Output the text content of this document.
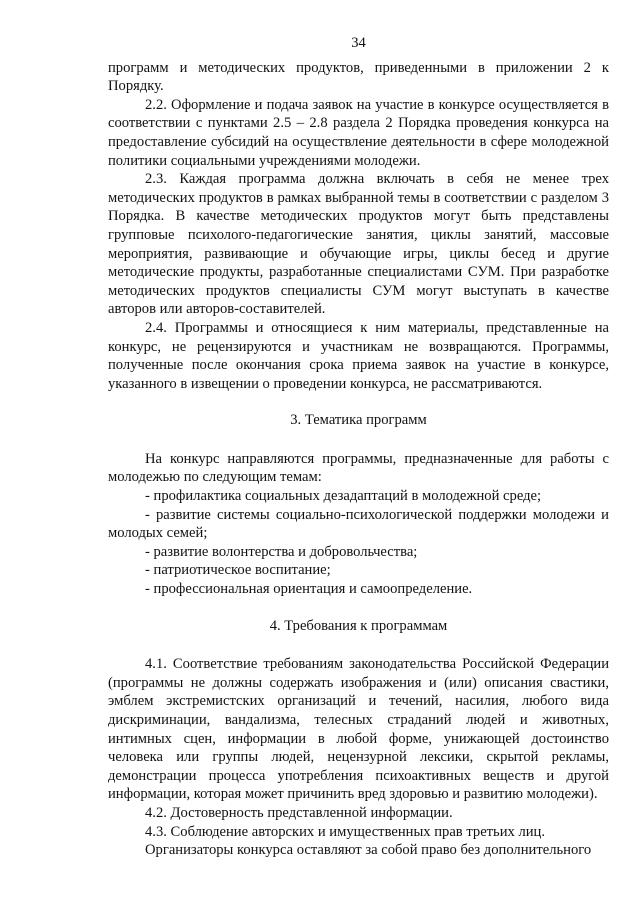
34

программ и методических продуктов, приведенными в приложении 2 к Порядку.

2.2. Оформление и подача заявок на участие в конкурсе осуществляется в соответствии с пунктами 2.5 – 2.8 раздела 2 Порядка проведения конкурса на предоставление субсидий на осуществление деятельности в сфере молодежной политики социальными учреждениями молодежи.

2.3. Каждая программа должна включать в себя не менее трех методических продуктов в рамках выбранной темы в соответствии с разделом 3 Порядка. В качестве методических продуктов могут быть представлены групповые психолого-педагогические занятия, циклы занятий, массовые мероприятия, развивающие и обучающие игры, циклы бесед и другие методические продукты, разработанные специалистами СУМ. При разработке методических продуктов специалисты СУМ могут выступать в качестве авторов или авторов-составителей.

2.4. Программы и относящиеся к ним материалы, представленные на конкурс, не рецензируются и участникам не возвращаются. Программы, полученные после окончания срока приема заявок на участие в конкурсе, указанного в извещении о проведении конкурса, не рассматриваются.

3. Тематика программ

На конкурс направляются программы, предназначенные для работы с молодежью по следующим темам:

- профилактика социальных дезадаптаций в молодежной среде;

- развитие системы социально-психологической поддержки молодежи и молодых семей;

- развитие волонтерства и добровольчества;

- патриотическое воспитание;

- профессиональная ориентация и самоопределение.

4. Требования к программам

4.1. Соответствие требованиям законодательства Российской Федерации (программы не должны содержать изображения и (или) описания свастики, эмблем экстремистских организаций и течений, насилия, любого вида дискриминации, вандализма, телесных страданий людей и животных, интимных сцен, информации в любой форме, унижающей достоинство человека или группы людей, нецензурной лексики, скрытой рекламы, демонстрации процесса употребления психоактивных веществ и другой информации, которая может причинить вред здоровью и развитию молодежи).

4.2. Достоверность представленной информации.

4.3. Соблюдение авторских и имущественных прав третьих лиц.

Организаторы конкурса оставляют за собой право без дополнительного
